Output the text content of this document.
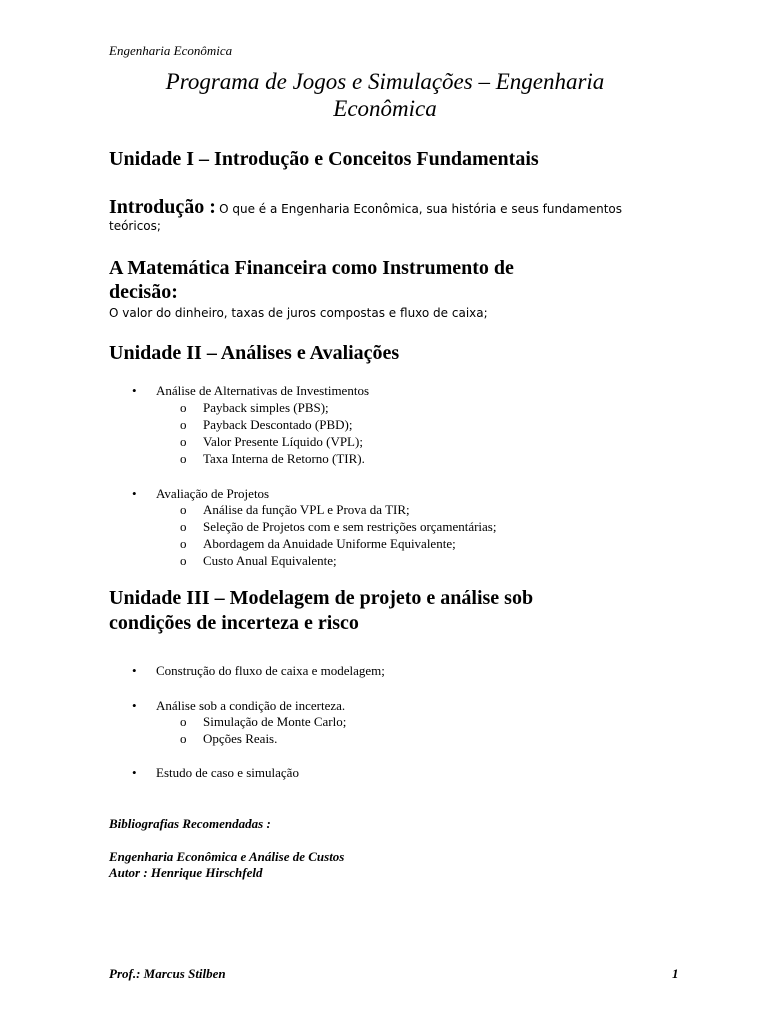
Engenharia Econômica
Programa de Jogos e Simulações – Engenharia
Econômica
Unidade I – Introdução e Conceitos Fundamentais
Introdução : O que é a Engenharia Econômica, sua história e seus fundamentos
teóricos;
A Matemática Financeira como Instrumento de
decisão:
O valor do dinheiro, taxas de juros compostas e fluxo de caixa;
Unidade II – Análises e Avaliações
• Análise de Alternativas de Investimentos
o Payback simples (PBS);
o Payback Descontado (PBD);
o Valor Presente Líquido (VPL);
o Taxa Interna de Retorno (TIR).
• Avaliação de Projetos
o Análise da função VPL e Prova da TIR;
o Seleção de Projetos com e sem restrições orçamentárias;
o Abordagem da Anuidade Uniforme Equivalente;
o Custo Anual Equivalente;
Unidade III – Modelagem de projeto e análise sob
condições de incerteza e risco
• Construção do fluxo de caixa e modelagem;
• Análise sob a condição de incerteza.
o Simulação de Monte Carlo;
o Opções Reais.
• Estudo de caso e simulação
Bibliografias Recomendadas :
Engenharia Econômica e Análise de Custos
Autor : Henrique Hirschfeld
Prof.: Marcus Stilben	1
